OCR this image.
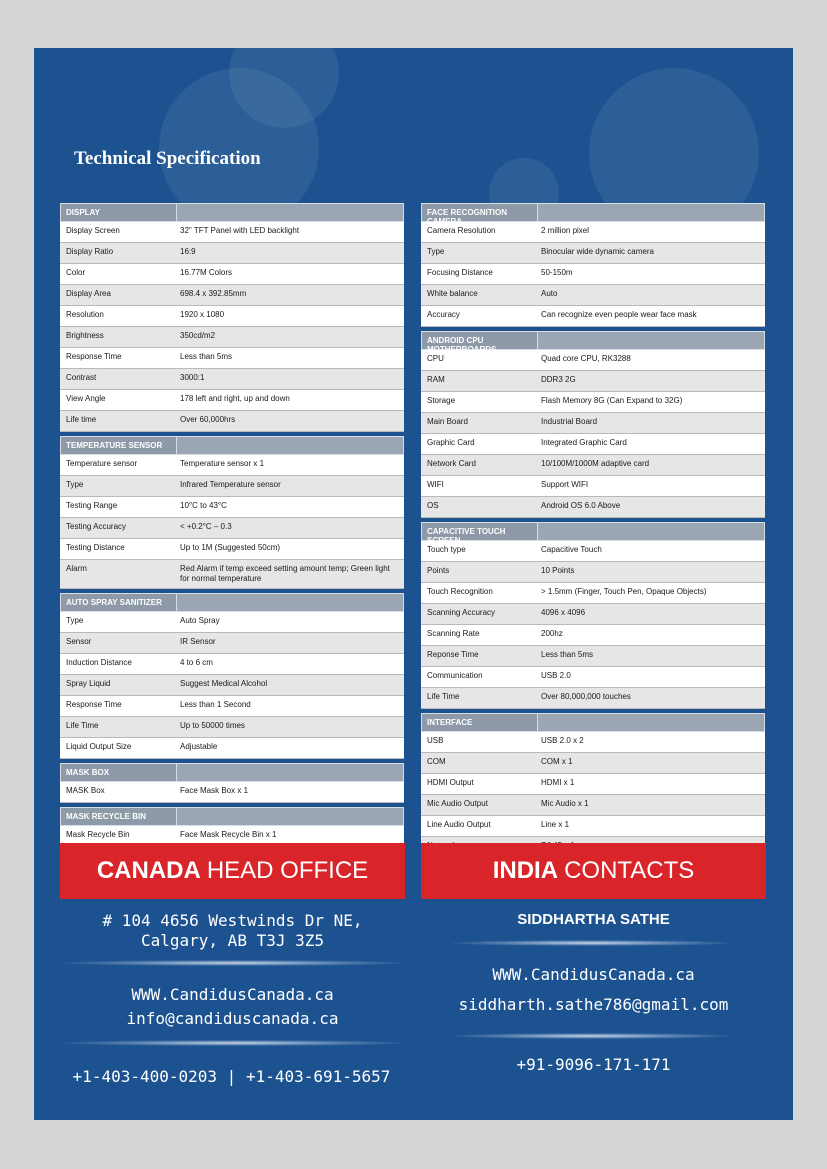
Technical Specification
DISPLAY
Display Screen	32" TFT Panel with LED backlight
Display Ratio	16:9
Color	16.77M Colors
Display Area	698.4 x 392.85mm
Resolution	1920 x 1080
Brightness	350cd/m2
Response Time	Less than 5ms
Contrast	3000:1
View Angle	178 left and right, up and down
Life time	Over 60,000hrs
TEMPERATURE SENSOR
Temperature sensor	Temperature sensor x 1
Type	Infrared Temperature sensor
Testing Range	10°C to 43°C
Testing Accuracy	< +0.2°C – 0.3
Testing Distance	Up to 1M (Suggested 50cm)
Alarm	Red Alarm if temp exceed setting amount temp; Green light for normal temperature
AUTO SPRAY SANITIZER
Type	Auto Spray
Sensor	IR Sensor
Induction Distance	4 to 6 cm
Spray Liquid	Suggest Medical Alcohol
Response Time	Less than 1 Second
Life Time	Up to 50000 times
Liquid Output Size	Adjustable
MASK BOX
MASK Box	Face Mask Box x 1
MASK RECYCLE BIN
Mask Recycle Bin	Face Mask Recycle Bin x 1
FACE RECOGNITION CAMERA
Camera Resolution	2 million pixel
Type	Binocular wide dynamic camera
Focusing Distance	50-150m
White balance	Auto
Accuracy	Can recognize even people wear face mask
ANDROID CPU MOTHERBOARDS
CPU	Quad core CPU, RK3288
RAM	DDR3 2G
Storage	Flash Memory 8G (Can Expand to 32G)
Main Board	Industrial Board
Graphic Card	Integrated Graphic Card
Network Card	10/100M/1000M adaptive card
WIFI	Support WIFI
OS	Android OS 6.0 Above
CAPACITIVE TOUCH SCREEN
Touch type	Capacitive Touch
Points	10 Points
Touch Recognition	> 1.5mm (Finger, Touch Pen, Opaque Objects)
Scanning Accuracy	4096 x 4096
Scanning Rate	200hz
Reponse Time	Less than 5ms
Communication	USB 2.0
Life Time	Over 80,000,000 touches
INTERFACE
USB	USB 2.0 x 2
COM	COM x 1
HDMI Output	HDMI x 1
Mic Audio Output	Mic Audio x 1
Line Audio Output	Line x 1
CANADA HEAD OFFICE	INDIA CONTACTS
# 104 4656 Westwinds Dr NE,
Calgary, AB T3J 3Z5
WWW.CandidusCanada.ca
info@candiduscanada.ca
+1-403-400-0203 | +1-403-691-5657
SIDDHARTHA SATHE
WWW.CandidusCanada.ca
siddharth.sathe786@gmail.com
+91-9096-171-171
